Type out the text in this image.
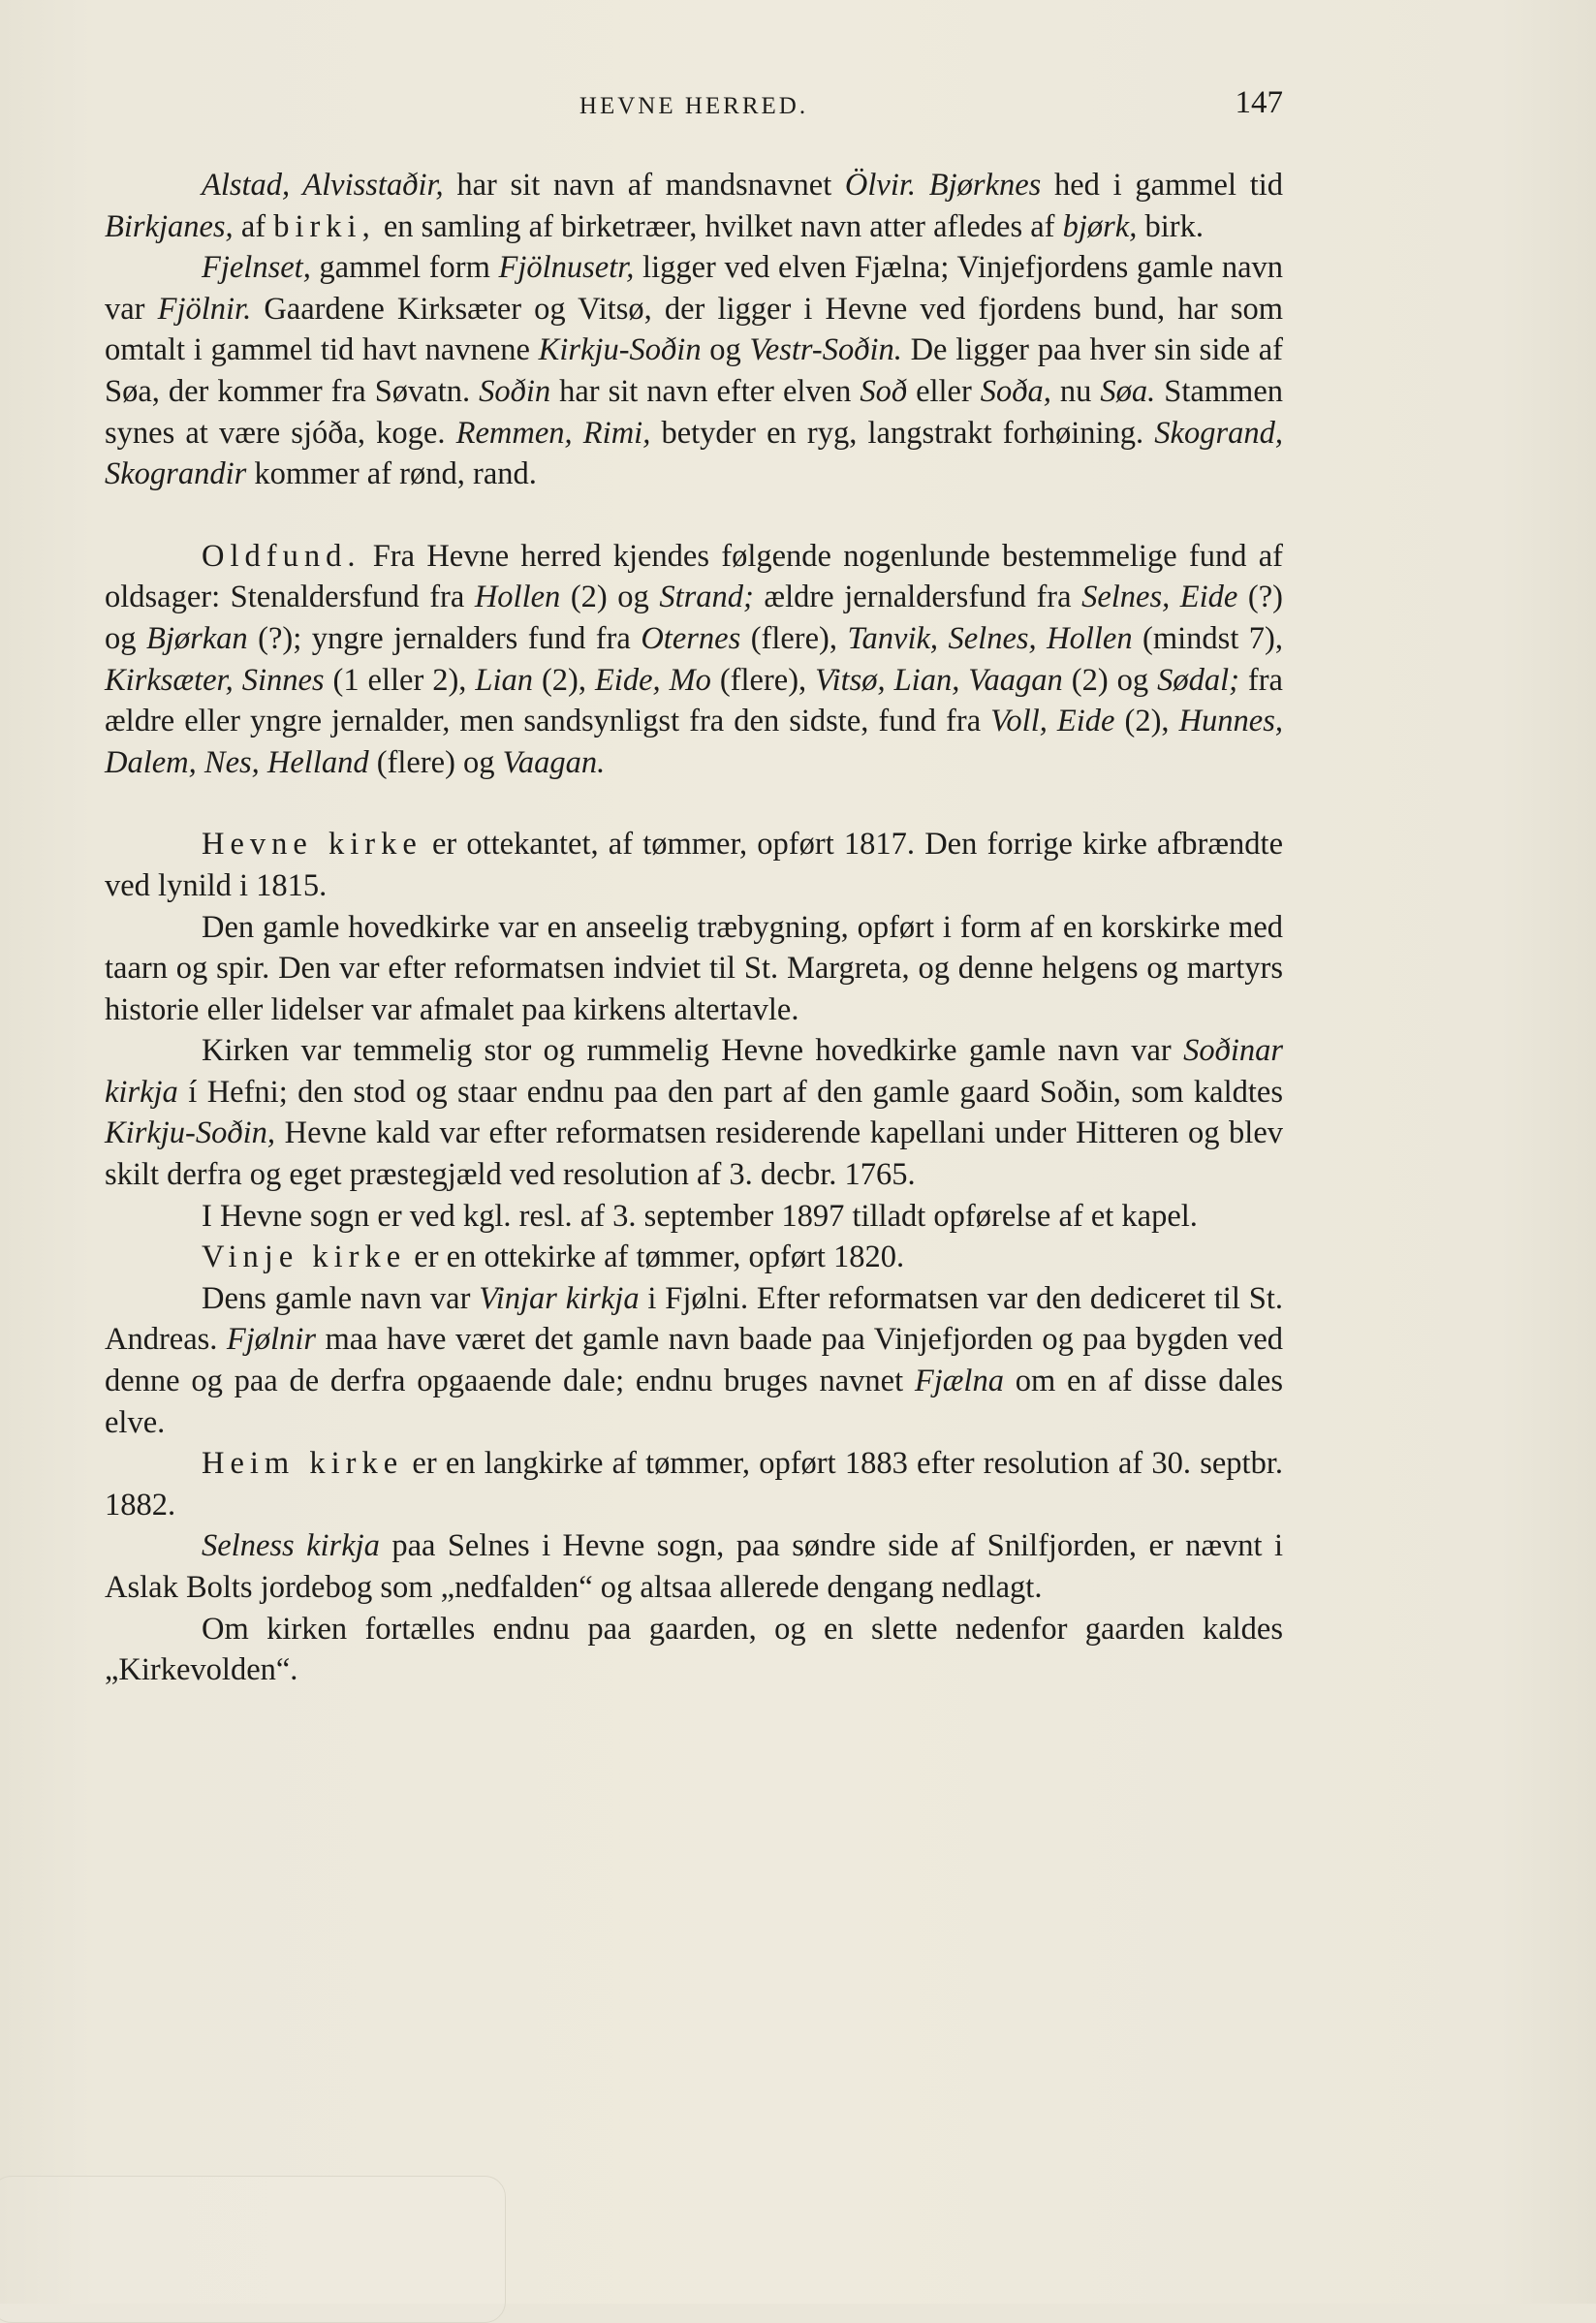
HEVNE HERRED.	147

Alstad, Alvisstaðir, har sit navn af mandsnavnet Ölvir. Bjørknes hed i gammel tid Birkjanes, af birki, en samling af birketræer, hvilket navn atter afledes af bjørk, birk.

Fjelnset, gammel form Fjölnusetr, ligger ved elven Fjælna; Vinjefjordens gamle navn var Fjölnir. Gaardene Kirksæter og Vitsø, der ligger i Hevne ved fjordens bund, har som omtalt i gammel tid havt navnene Kirkju-Soðin og Vestr-Soðin. De ligger paa hver sin side af Søa, der kommer fra Søvatn. Soðin har sit navn efter elven Soð eller Soða, nu Søa. Stammen synes at være sjóða, koge. Remmen, Rimi, betyder en ryg, langstrakt forhøining. Skogrand, Skograndir kommer af rønd, rand.

Oldfund. Fra Hevne herred kjendes følgende nogenlunde bestemmelige fund af oldsager: Stenaldersfund fra Hollen (2) og Strand; ældre jernaldersfund fra Selnes, Eide (?) og Bjørkan (?); yngre jernalders fund fra Oternes (flere), Tanvik, Selnes, Hollen (mindst 7), Kirksæter, Sinnes (1 eller 2), Lian (2), Eide, Mo (flere), Vitsø, Lian, Vaagan (2) og Sødal; fra ældre eller yngre jernalder, men sandsynligst fra den sidste, fund fra Voll, Eide (2), Hunnes, Dalem, Nes, Helland (flere) og Vaagan.

Hevne kirke er ottekantet, af tømmer, opført 1817. Den forrige kirke afbrændte ved lynild i 1815.

Den gamle hovedkirke var en anseelig træbygning, opført i form af en korskirke med taarn og spir. Den var efter reformatsen indviet til St. Margreta, og denne helgens og martyrs historie eller lidelser var afmalet paa kirkens altertavle.

Kirken var temmelig stor og rummelig Hevne hovedkirke gamle navn var Soðinar kirkja í Hefni; den stod og staar endnu paa den part af den gamle gaard Soðin, som kaldtes Kirkju-Soðin, Hevne kald var efter reformatsen residerende kapellani under Hitteren og blev skilt derfra og eget præstegjæld ved resolution af 3. decbr. 1765.

I Hevne sogn er ved kgl. resl. af 3. september 1897 tilladt opførelse af et kapel.

Vinje kirke er en ottekirke af tømmer, opført 1820.

Dens gamle navn var Vinjar kirkja i Fjølni. Efter reformatsen var den dediceret til St. Andreas. Fjølnir maa have været det gamle navn baade paa Vinjefjorden og paa bygden ved denne og paa de derfra opgaaende dale; endnu bruges navnet Fjælna om en af disse dales elve.

Heim kirke er en langkirke af tømmer, opført 1883 efter resolution af 30. septbr. 1882.

Selness kirkja paa Selnes i Hevne sogn, paa søndre side af Snilfjorden, er nævnt i Aslak Bolts jordebog som „nedfalden“ og altsaa allerede dengang nedlagt.

Om kirken fortælles endnu paa gaarden, og en slette nedenfor gaarden kaldes „Kirkevolden“.
